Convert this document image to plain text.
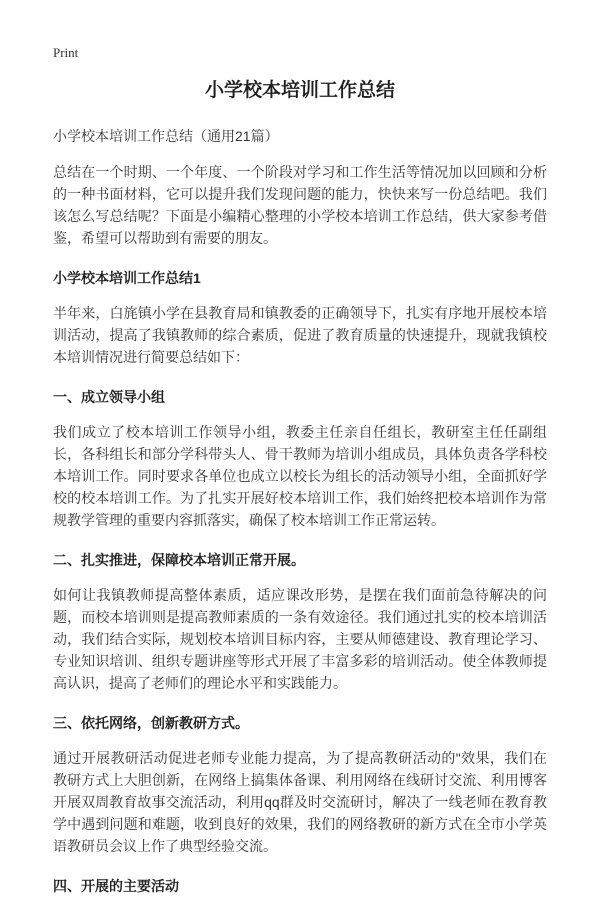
Print
小学校本培训工作总结
小学校本培训工作总结（通用21篇）

总结在一个时期、一个年度、一个阶段对学习和工作生活等情况加以回顾和分析的一种书面材料，它可以提升我们发现问题的能力，快快来写一份总结吧。我们该怎么写总结呢？下面是小编精心整理的小学校本培训工作总结，供大家参考借鉴，希望可以帮助到有需要的朋友。

小学校本培训工作总结1

半年来，白旄镇小学在县教育局和镇教委的正确领导下，扎实有序地开展校本培训活动，提高了我镇教师的综合素质，促进了教育质量的快速提升，现就我镇校本培训情况进行简要总结如下：

一、成立领导小组

我们成立了校本培训工作领导小组，教委主任亲自任组长，教研室主任任副组长，各科组长和部分学科带头人、骨干教师为培训小组成员，具体负责各学科校本培训工作。同时要求各单位也成立以校长为组长的活动领导小组，全面抓好学校的校本培训工作。为了扎实开展好校本培训工作，我们始终把校本培训作为常规教学管理的重要内容抓落实，确保了校本培训工作正常运转。

二、扎实推进，保障校本培训正常开展。

如何让我镇教师提高整体素质，适应课改形势，是摆在我们面前急待解决的问题，而校本培训则是提高教师素质的一条有效途径。我们通过扎实的校本培训活动，我们结合实际，规划校本培训目标内容，主要从师德建设、教育理论学习、专业知识培训、组织专题讲座等形式开展了丰富多彩的培训活动。使全体教师提高认识，提高了老师们的理论水平和实践能力。

三、依托网络，创新教研方式。

通过开展教研活动促进老师专业能力提高，为了提高教研活动的"效果，我们在教研方式上大胆创新，在网络上搞集体备课、利用网络在线研讨交流、利用博客开展双周教育故事交流活动，利用qq群及时交流研讨，解决了一线老师在教育教学中遇到问题和难题，收到良好的效果，我们的网络教研的新方式在全市小学英语教研员会议上作了典型经验交流。

四、开展的主要活动
